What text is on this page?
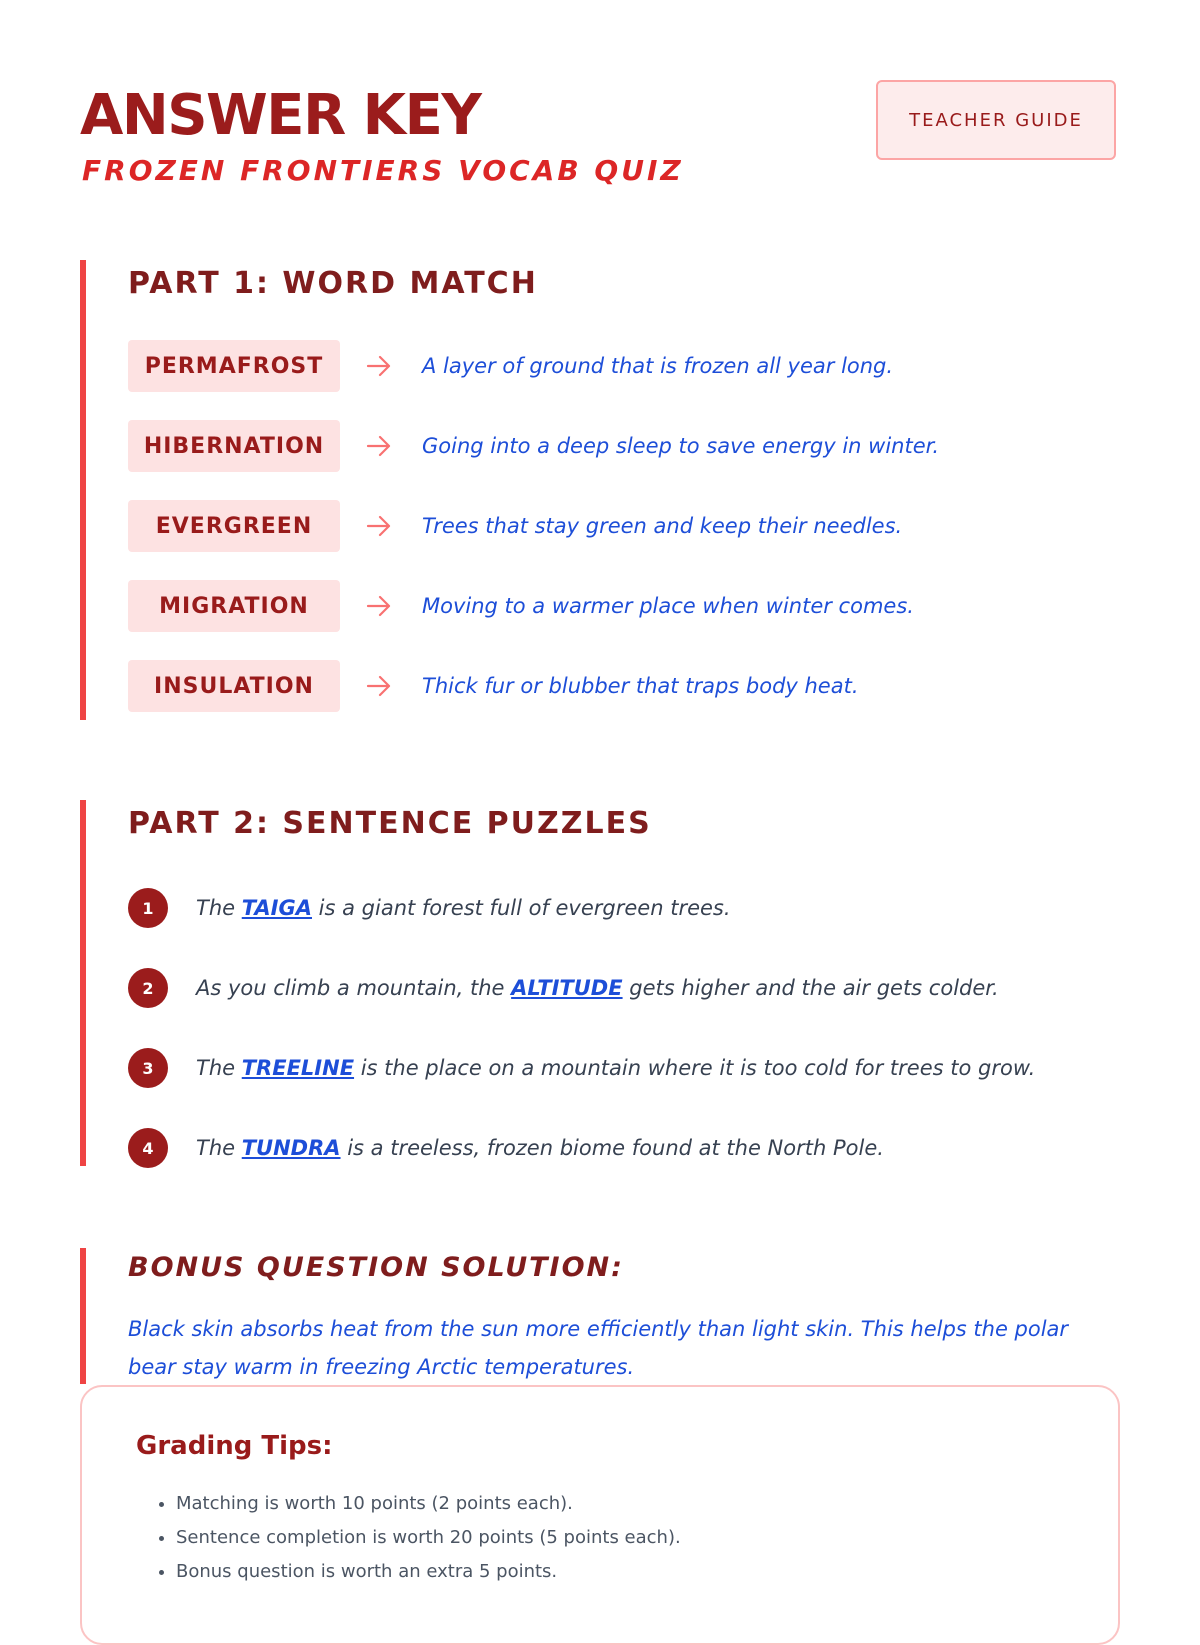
ANSWER KEY
FROZEN FRONTIERS VOCAB QUIZ
TEACHER GUIDE
PART 1: WORD MATCH
PERMAFROST	A layer of ground that is frozen all year long.
HIBERNATION	Going into a deep sleep to save energy in winter.
EVERGREEN	Trees that stay green and keep their needles.
MIGRATION	Moving to a warmer place when winter comes.
INSULATION	Thick fur or blubber that traps body heat.
PART 2: SENTENCE PUZZLES
1	The TAIGA is a giant forest full of evergreen trees.
2	As you climb a mountain, the ALTITUDE gets higher and the air gets colder.
3	The TREELINE is the place on a mountain where it is too cold for trees to grow.
4	The TUNDRA is a treeless, frozen biome found at the North Pole.
BONUS QUESTION SOLUTION:

Black skin absorbs heat from the sun more efficiently than light skin. This helps the polar bear stay warm in freezing Arctic temperatures.

Grading Tips:
• Matching is worth 10 points (2 points each).
• Sentence completion is worth 20 points (5 points each).
• Bonus question is worth an extra 5 points.
